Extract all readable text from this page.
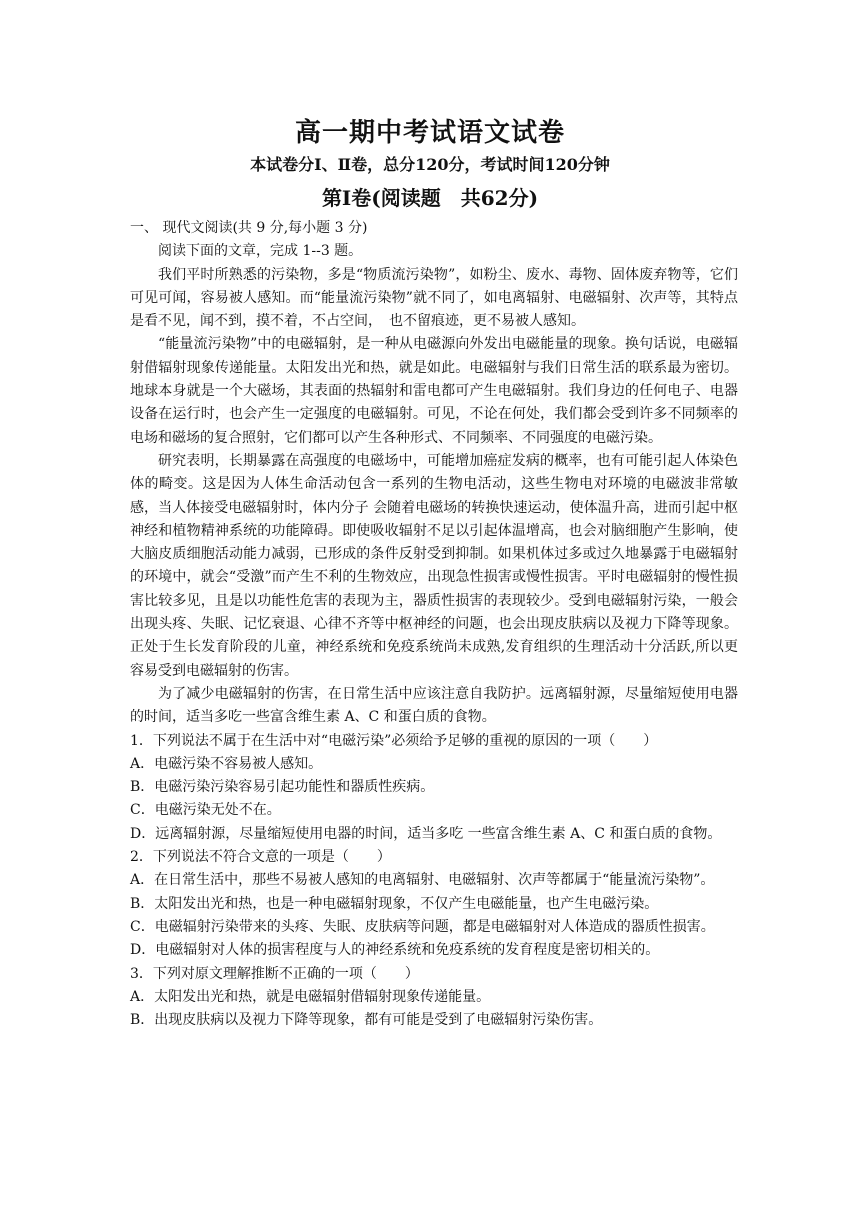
高一期中考试语文试卷
本试卷分Ⅰ、Ⅱ卷，总分120分，考试时间120分钟
第Ⅰ卷(阅读题　共62分)

一、 现代文阅读(共 9 分,每小题 3 分)

阅读下面的文章，完成 1--3 题。

我们平时所熟悉的污染物，多是“物质流污染物”，如粉尘、废水、毒物、固体废弃物等，它们可见可闻，容易被人感知。而“能量流污染物”就不同了，如电离辐射、电磁辐射、次声等，其特点是看不见，闻不到，摸不着，不占空间，　也不留痕迹，更不易被人感知。

“能量流污染物”中的电磁辐射，是一种从电磁源向外发出电磁能量的现象。换句话说，电磁辐射借辐射现象传递能量。太阳发出光和热，就是如此。电磁辐射与我们日常生活的联系最为密切。地球本身就是一个大磁场，其表面的热辐射和雷电都可产生电磁辐射。我们身边的任何电子、电器设备在运行时，也会产生一定强度的电磁辐射。可见，不论在何处，我们都会受到许多不同频率的电场和磁场的复合照射，它们都可以产生各种形式、不同频率、不同强度的电磁污染。

研究表明，长期暴露在高强度的电磁场中，可能增加癌症发病的概率，也有可能引起人体染色体的畸变。这是因为人体生命活动包含一系列的生物电活动，这些生物电对环境的电磁波非常敏感，当人体接受电磁辐射时，体内分子 会随着电磁场的转换快速运动，使体温升高，进而引起中枢神经和植物精神系统的功能障碍。即使吸收辐射不足以引起体温增高，也会对脑细胞产生影响，使大脑皮质细胞活动能力减弱，已形成的条件反射受到抑制。如果机体过多或过久地暴露于电磁辐射的环境中，就会“受激”而产生不利的生物效应，出现急性损害或慢性损害。平时电磁辐射的慢性损害比较多见，且是以功能性危害的表现为主，器质性损害的表现较少。受到电磁辐射污染，一般会出现头疼、失眠、记忆衰退、心律不齐等中枢神经的问题，也会出现皮肤病以及视力下降等现象。正处于生长发育阶段的儿童，神经系统和免疫系统尚未成熟,发育组织的生理活动十分活跃,所以更容易受到电磁辐射的伤害。

为了减少电磁辐射的伤害，在日常生活中应该注意自我防护。远离辐射源，尽量缩短使用电器的时间，适当多吃一些富含维生素 A、C 和蛋白质的食物。

1．下列说法不属于在生活中对“电磁污染”必须给予足够的重视的原因的一项（　　）

A．电磁污染不容易被人感知。

B．电磁污染污染容易引起功能性和器质性疾病。

C．电磁污染无处不在。

D．远离辐射源，尽量缩短使用电器的时间，适当多吃 一些富含维生素 A、C 和蛋白质的食物。

2．下列说法不符合文意的一项是（　　）

A．在日常生活中，那些不易被人感知的电离辐射、电磁辐射、次声等都属于“能量流污染物”。

B．太阳发出光和热，也是一种电磁辐射现象，不仅产生电磁能量，也产生电磁污染。

C．电磁辐射污染带来的头疼、失眠、皮肤病等问题，都是电磁辐射对人体造成的器质性损害。

D．电磁辐射对人体的损害程度与人的神经系统和免疫系统的发育程度是密切相关的。

3．下列对原文理解推断不正确的一项（　　）

A．太阳发出光和热，就是电磁辐射借辐射现象传递能量。

B．出现皮肤病以及视力下降等现象，都有可能是受到了电磁辐射污染伤害。
